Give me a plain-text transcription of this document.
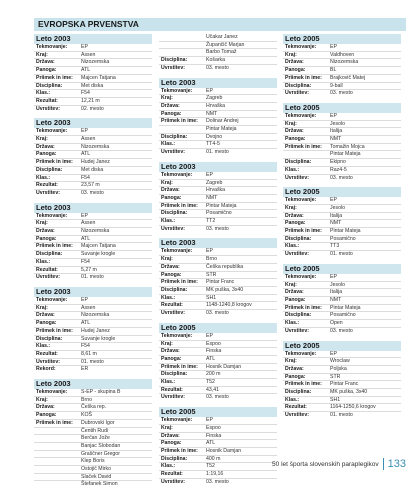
EVROPSKA PRVENSTVA
Leto 2003
Tekmovanje:	EP
Kraj:	Assen
Država:	Nizozemska
Panoga:	ATL
Priimek in ime:	Majcen Tatjana
Disciplina:	Met diska
Klas.:	F54
Rezultat:	12,21 m
Uvrstitev:	02. mesto
Leto 2003
Tekmovanje:	EP
Kraj:	Assen
Država:	Nizozemska
Panoga:	ATL
Priimek in ime:	Hudej Janez
Disciplina:	Met diska
Klas.:	F54
Rezultat:	23,57 m
Uvrstitev:	03. mesto
Leto 2003
Tekmovanje:	EP
Kraj:	Assen
Država:	Nizozemska
Panoga:	ATL
Priimek in ime:	Majcen Tatjana
Disciplina:	Suvanje krogle
Klas.:	F54
Rezultat:	5,27 m
Uvrstitev:	01. mesto
Leto 2003
Tekmovanje:	EP
Kraj:	Assen
Država:	Nizozemska
Panoga:	ATL
Priimek in ime:	Hudej Janez
Disciplina:	Suvanje krogle
Klas.:	F54
Rezultat:	8,61 m
Uvrstitev:	01. mesto
Rekord:	ER
Leto 2003
Tekmovanje:	S-EP - skupina B
Kraj:	Brno
Država:	Češka rep.
Panoga:	KOŠ
Priimek in ime:	Dubrovski Igor
Čentih Rudi
Berčan Jože
Banjac Slobodan
Graščner Gregor
Klep Boris
Ostojič Mirko
Slaček David
Štefanek Simon
Učakar Janez
Župančič Marjan
Barbo Tomaž
Disciplina:	Košarka
Uvrstitev:	03. mesto
Leto 2003
Tekmovanje:	EP
Kraj:	Zagreb
Država:	Hrvaška
Panoga:	NMT
Priimek in ime:	Dolinar Andrej
Pintar Mateja
Disciplina:	Dvojno
Klas.:	TT4-5
Uvrstitev:	01. mesto
Leto 2003
Tekmovanje:	EP
Kraj:	Zagreb
Država:	Hrvaška
Panoga:	NMT
Priimek in ime:	Pintar Mateja
Disciplina:	Posamično
Klas.:	TT2
Uvrstitev:	03. mesto
Leto 2003
Tekmovanje:	EP
Kraj:	Brno
Država:	Češka republika
Panoga:	STR
Priimek in ime:	Pintar Franc
Disciplina:	MK puška, 3x40
Klas.:	SH1
Rezultat:	1148-1240,8 krogov
Uvrstitev:	03. mesto
Leto 2005
Tekmovanje:	EP
Kraj:	Espoo
Država:	Finska
Panoga:	ATL
Priimek in ime:	Hosnik Damjan
Disciplina:	200 m
Klas.:	T52
Rezultat:	43,41
Uvrstitev:	03. mesto
Leto 2005
Tekmovanje:	EP
Kraj:	Espoo
Država:	Finska
Panoga:	ATL
Priimek in ime:	Hosnik Damjan
Disciplina:	400 m
Klas.:	T52
Rezultat:	1:19,16
Uvrstitev:	03. mesto
Leto 2005
Tekmovanje:	EP
Kraj:	Valdhoven
Država:	Nizozemska
Panoga:	BL
Priimek in ime:	Brajkovič Matej
Disciplina:	9-ball
Uvrstitev:	03. mesto
Leto 2005
Tekmovanje:	EP
Kraj:	Jesolo
Država:	Italija
Panoga:	NMT
Priimek in ime:	Tomažin Mojca
Pintar Mateja
Disciplina:	Ekipno
Klas.:	Raz4-5
Uvrstitev:	03. mesto
Leto 2005
Tekmovanje:	EP
Kraj:	Jesolo
Država:	Italija
Panoga:	NMT
Priimek in ime:	Pintar Mateja
Disciplina:	Posamično
Klas.:	TT3
Uvrstitev:	01. mesto
Leto 2005
Tekmovanje:	EP
Kraj:	Jesolo
Država:	Italija
Panoga:	NMT
Priimek in ime:	Pintar Mateja
Disciplina:	Posamično
Klas.:	Open
Uvrstitev:	03. mesto
Leto 2005
Tekmovanje:	EP
Kraj:	Wroclaw
Država:	Poljska
Panoga:	STR
Priimek in ime:	Pintar Franc
Disciplina:	MK puška, 3x40
Klas.:	SH1
Rezultat:	1164-1250,6 krogov
Uvrstitev:	01. mesto
50 let športa slovenskih paraplegikov 133
